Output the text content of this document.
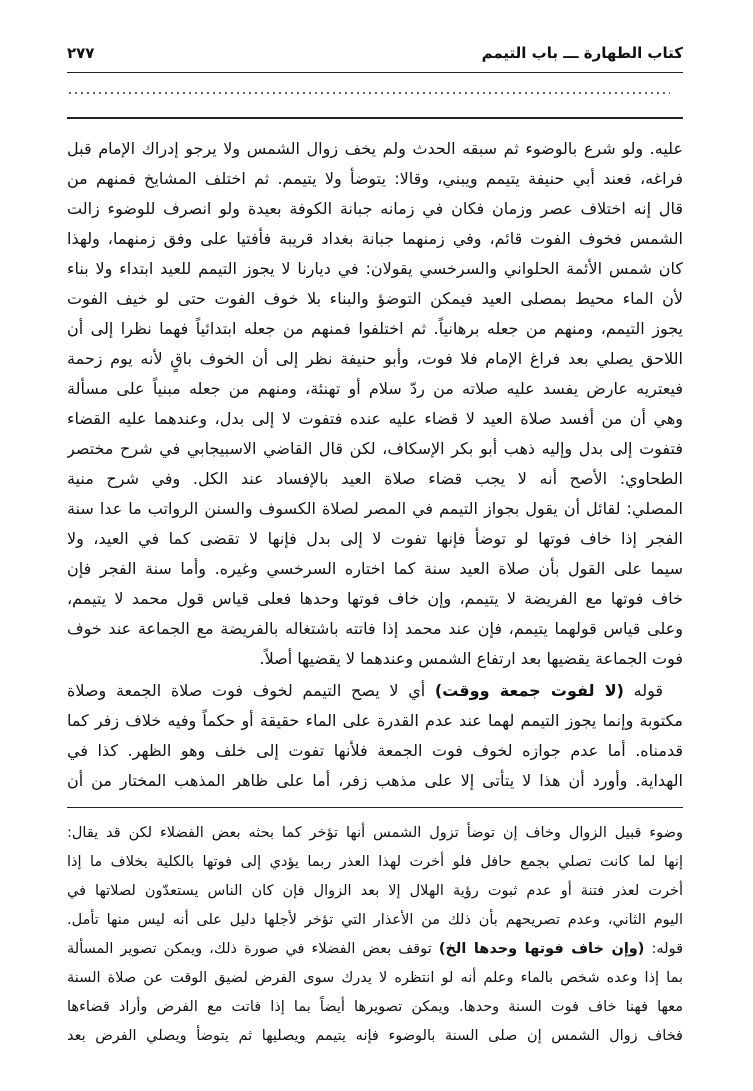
كتاب الطهارة ـــ باب التيمم
٢٧٧
عليه. ولو شرع بالوضوء ثم سبقه الحدث ولم يخف زوال الشمس ولا يرجو إدراك الإمام قبل
فراغه، فعند أبي حنيفة يتيمم ويبني، وقالا: يتوضأ ولا يتيمم. ثم اختلف المشايخ فمنهم من
قال إنه اختلاف عصر وزمان فكان في زمانه جبانة الكوفة بعيدة ولو انصرف للوضوء زالت
الشمس فخوف الفوت قائم، وفي زمنهما جبانة بغداد قريبة فأفتيا على وفق زمنهما، ولهذا
كان شمس الأئمة الحلواني والسرخسي يقولان: في ديارنا لا يجوز التيمم للعيد ابتداء ولا بناء
لأن الماء محيط بمصلى العيد فيمكن التوضؤ والبناء بلا خوف الفوت حتى لو خيف الفوت
يجوز التيمم، ومنهم من جعله برهانياً. ثم اختلفوا فمنهم من جعله ابتدائياً فهما نظرا إلى أن
اللاحق يصلي بعد فراغ الإمام فلا فوت، وأبو حنيفة نظر إلى أن الخوف باقٍ لأنه يوم زحمة
فيعتريه عارض يفسد عليه صلاته من ردّ سلام أو تهنئة، ومنهم من جعله مبنياً على مسألة
وهي أن من أفسد صلاة العيد لا قضاء عليه عنده فتفوت لا إلى بدل، وعندهما عليه القضاء
فتفوت إلى بدل وإليه ذهب أبو بكر الإسكاف، لكن قال القاضي الاسبيجابي في شرح مختصر
الطحاوي: الأصح أنه لا يجب قضاء صلاة العيد بالإفساد عند الكل. وفي شرح منية
المصلي: لقائل أن يقول بجواز التيمم في المصر لصلاة الكسوف والسنن الرواتب ما عدا سنة
الفجر إذا خاف فوتها لو توضأ فإنها تفوت لا إلى بدل فإنها لا تقضى كما في العيد، ولا
سيما على القول بأن صلاة العيد سنة كما اختاره السرخسي وغيره. وأما سنة الفجر فإن
خاف فوتها مع الفريضة لا يتيمم، وإن خاف فوتها وحدها فعلى قياس قول محمد لا يتيمم،
وعلى قياس قولهما يتيمم، فإن عند محمد إذا فاتته باشتغاله بالفريضة مع الجماعة عند خوف
فوت الجماعة يقضيها بعد ارتفاع الشمس وعندهما لا يقضيها أصلاً.
قوله (لا لفوت جمعة ووقت) أي لا يصح التيمم لخوف فوت صلاة الجمعة وصلاة
مكتوبة وإنما يجوز التيمم لهما عند عدم القدرة على الماء حقيقة أو حكماً وفيه خلاف زفر كما
قدمناه. أما عدم جوازه لخوف فوت الجمعة فلأنها تفوت إلى خلف وهو الظهر. كذا في
الهداية. وأورد أن هذا لا يتأتى إلا على مذهب زفر، أما على ظاهر المذهب المختار من أن
وضوء قبيل الزوال وخاف إن توضأ تزول الشمس أنها تؤخر كما بحثه بعض الفضلاء لكن قد يقال:
إنها لما كانت تصلي بجمع حافل فلو أخرت لهذا العذر ربما يؤدي إلى فوتها بالكلية بخلاف ما إذا
أخرت لعذر فتنة أو عدم ثبوت رؤية الهلال إلا بعد الزوال فإن كان الناس يستعدّون لصلاتها في
اليوم الثاني، وعدم تصريحهم بأن ذلك من الأعذار التي تؤخر لأجلها دليل على أنه ليس منها تأمل.
قوله: (وإن خاف فوتها وحدها الخ) توقف بعض الفضلاء في صورة ذلك، ويمكن تصوير المسألة
بما إذا وعده شخص بالماء وعلم أنه لو انتظره لا يدرك سوى الفرض لضيق الوقت عن صلاة السنة
معها فهنا خاف فوت السنة وحدها. ويمكن تصويرها أيضاً بما إذا فاتت مع الفرض وأراد قضاءها
فخاف زوال الشمس إن صلى السنة بالوضوء فإنه يتيمم ويصليها ثم يتوضأ ويصلي الفرض بعد
